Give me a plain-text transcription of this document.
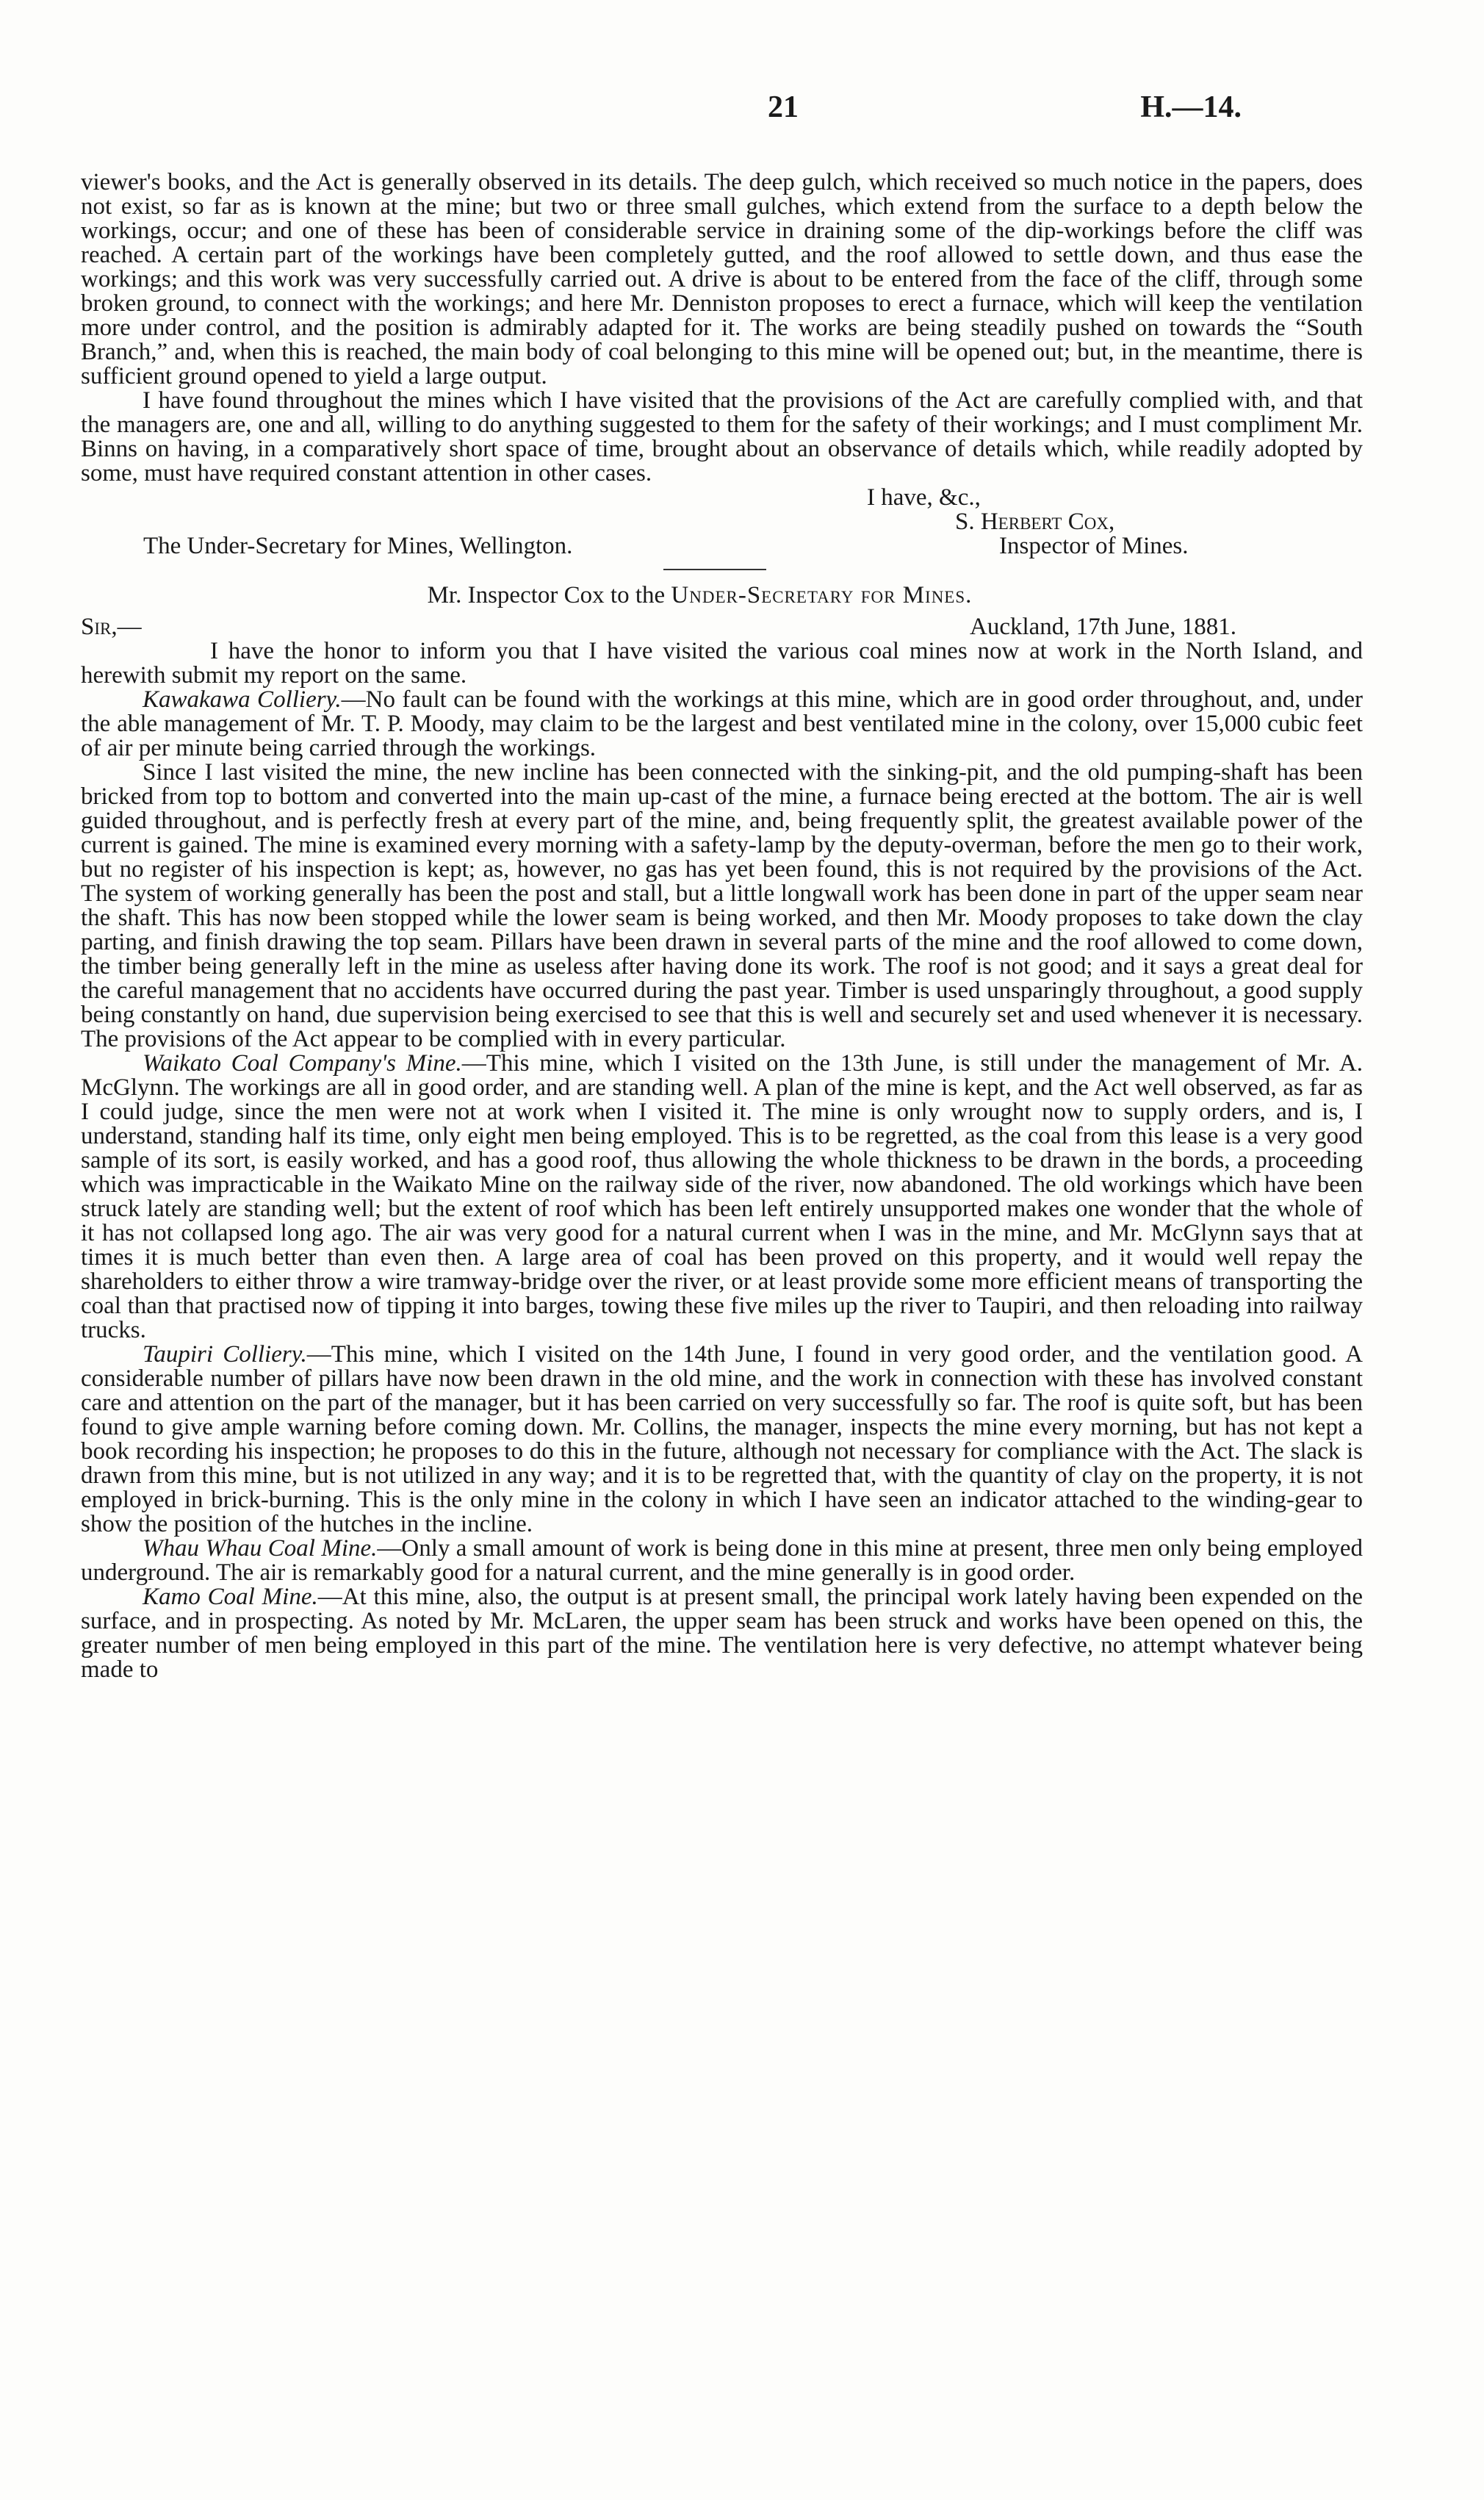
21	H.—14.

viewer's books, and the Act is generally observed in its details. The deep gulch, which received so much notice in the papers, does not exist, so far as is known at the mine; but two or three small gulches, which extend from the surface to a depth below the workings, occur; and one of these has been of considerable service in draining some of the dip-workings before the cliff was reached. A certain part of the workings have been completely gutted, and the roof allowed to settle down, and thus ease the workings; and this work was very successfully carried out. A drive is about to be entered from the face of the cliff, through some broken ground, to connect with the workings; and here Mr. Denniston proposes to erect a furnace, which will keep the ventilation more under control, and the position is admirably adapted for it. The works are being steadily pushed on towards the “South Branch,” and, when this is reached, the main body of coal belonging to this mine will be opened out; but, in the meantime, there is sufficient ground opened to yield a large output.

I have found throughout the mines which I have visited that the provisions of the Act are carefully complied with, and that the managers are, one and all, willing to do anything suggested to them for the safety of their workings; and I must compliment Mr. Binns on having, in a comparatively short space of time, brought about an observance of details which, while readily adopted by some, must have required constant attention in other cases.

I have, &c.,

S. Herbert Cox,

The Under-Secretary for Mines, Wellington.	Inspector of Mines.
Mr. Inspector Cox to the Under-Secretary for Mines.
Sir,—	Auckland, 17th June, 1881.

I have the honor to inform you that I have visited the various coal mines now at work in the North Island, and herewith submit my report on the same.

Kawakawa Colliery.—No fault can be found with the workings at this mine, which are in good order throughout, and, under the able management of Mr. T. P. Moody, may claim to be the largest and best ventilated mine in the colony, over 15,000 cubic feet of air per minute being carried through the workings.

Since I last visited the mine, the new incline has been connected with the sinking-pit, and the old pumping-shaft has been bricked from top to bottom and converted into the main up-cast of the mine, a furnace being erected at the bottom. The air is well guided throughout, and is perfectly fresh at every part of the mine, and, being frequently split, the greatest available power of the current is gained. The mine is examined every morning with a safety-lamp by the deputy-overman, before the men go to their work, but no register of his inspection is kept; as, however, no gas has yet been found, this is not required by the provisions of the Act. The system of working generally has been the post and stall, but a little longwall work has been done in part of the upper seam near the shaft. This has now been stopped while the lower seam is being worked, and then Mr. Moody proposes to take down the clay parting, and finish drawing the top seam. Pillars have been drawn in several parts of the mine and the roof allowed to come down, the timber being generally left in the mine as useless after having done its work. The roof is not good; and it says a great deal for the careful management that no accidents have occurred during the past year. Timber is used unsparingly throughout, a good supply being constantly on hand, due supervision being exercised to see that this is well and securely set and used whenever it is necessary. The provisions of the Act appear to be complied with in every particular.

Waikato Coal Company's Mine.—This mine, which I visited on the 13th June, is still under the management of Mr. A. McGlynn. The workings are all in good order, and are standing well. A plan of the mine is kept, and the Act well observed, as far as I could judge, since the men were not at work when I visited it. The mine is only wrought now to supply orders, and is, I understand, standing half its time, only eight men being employed. This is to be regretted, as the coal from this lease is a very good sample of its sort, is easily worked, and has a good roof, thus allowing the whole thickness to be drawn in the bords, a proceeding which was impracticable in the Waikato Mine on the railway side of the river, now abandoned. The old workings which have been struck lately are standing well; but the extent of roof which has been left entirely unsupported makes one wonder that the whole of it has not collapsed long ago. The air was very good for a natural current when I was in the mine, and Mr. McGlynn says that at times it is much better than even then. A large area of coal has been proved on this property, and it would well repay the shareholders to either throw a wire tramway-bridge over the river, or at least provide some more efficient means of transporting the coal than that practised now of tipping it into barges, towing these five miles up the river to Taupiri, and then reloading into railway trucks.

Taupiri Colliery.—This mine, which I visited on the 14th June, I found in very good order, and the ventilation good. A considerable number of pillars have now been drawn in the old mine, and the work in connection with these has involved constant care and attention on the part of the manager, but it has been carried on very successfully so far. The roof is quite soft, but has been found to give ample warning before coming down. Mr. Collins, the manager, inspects the mine every morning, but has not kept a book recording his inspection; he proposes to do this in the future, although not necessary for compliance with the Act. The slack is drawn from this mine, but is not utilized in any way; and it is to be regretted that, with the quantity of clay on the property, it is not employed in brick-burning. This is the only mine in the colony in which I have seen an indicator attached to the winding-gear to show the position of the hutches in the incline.

Whau Whau Coal Mine.—Only a small amount of work is being done in this mine at present, three men only being employed underground. The air is remarkably good for a natural current, and the mine generally is in good order.

Kamo Coal Mine.—At this mine, also, the output is at present small, the principal work lately having been expended on the surface, and in prospecting. As noted by Mr. McLaren, the upper seam has been struck and works have been opened on this, the greater number of men being employed in this part of the mine. The ventilation here is very defective, no attempt whatever being made to
